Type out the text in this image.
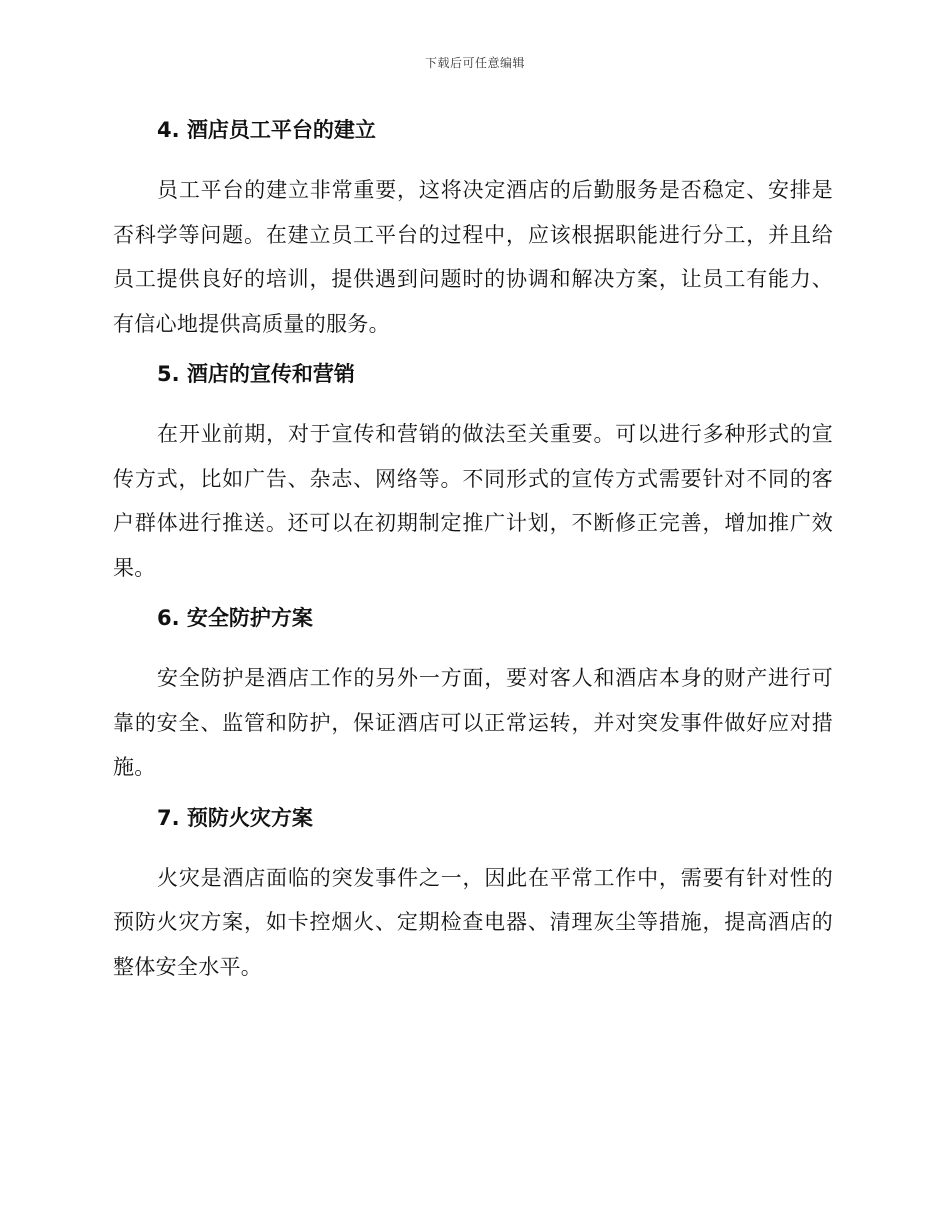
下载后可任意编辑
4. 酒店员工平台的建立

员工平台的建立非常重要，这将决定酒店的后勤服务是否稳定、安排是否科学等问题。在建立员工平台的过程中，应该根据职能进行分工，并且给员工提供良好的培训，提供遇到问题时的协调和解决方案，让员工有能力、有信心地提供高质量的服务。

5. 酒店的宣传和营销

在开业前期，对于宣传和营销的做法至关重要。可以进行多种形式的宣传方式，比如广告、杂志、网络等。不同形式的宣传方式需要针对不同的客户群体进行推送。还可以在初期制定推广计划，不断修正完善，增加推广效果。

6. 安全防护方案

安全防护是酒店工作的另外一方面，要对客人和酒店本身的财产进行可靠的安全、监管和防护，保证酒店可以正常运转，并对突发事件做好应对措施。

7. 预防火灾方案

火灾是酒店面临的突发事件之一，因此在平常工作中，需要有针对性的预防火灾方案，如卡控烟火、定期检查电器、清理灰尘等措施，提高酒店的整体安全水平。
